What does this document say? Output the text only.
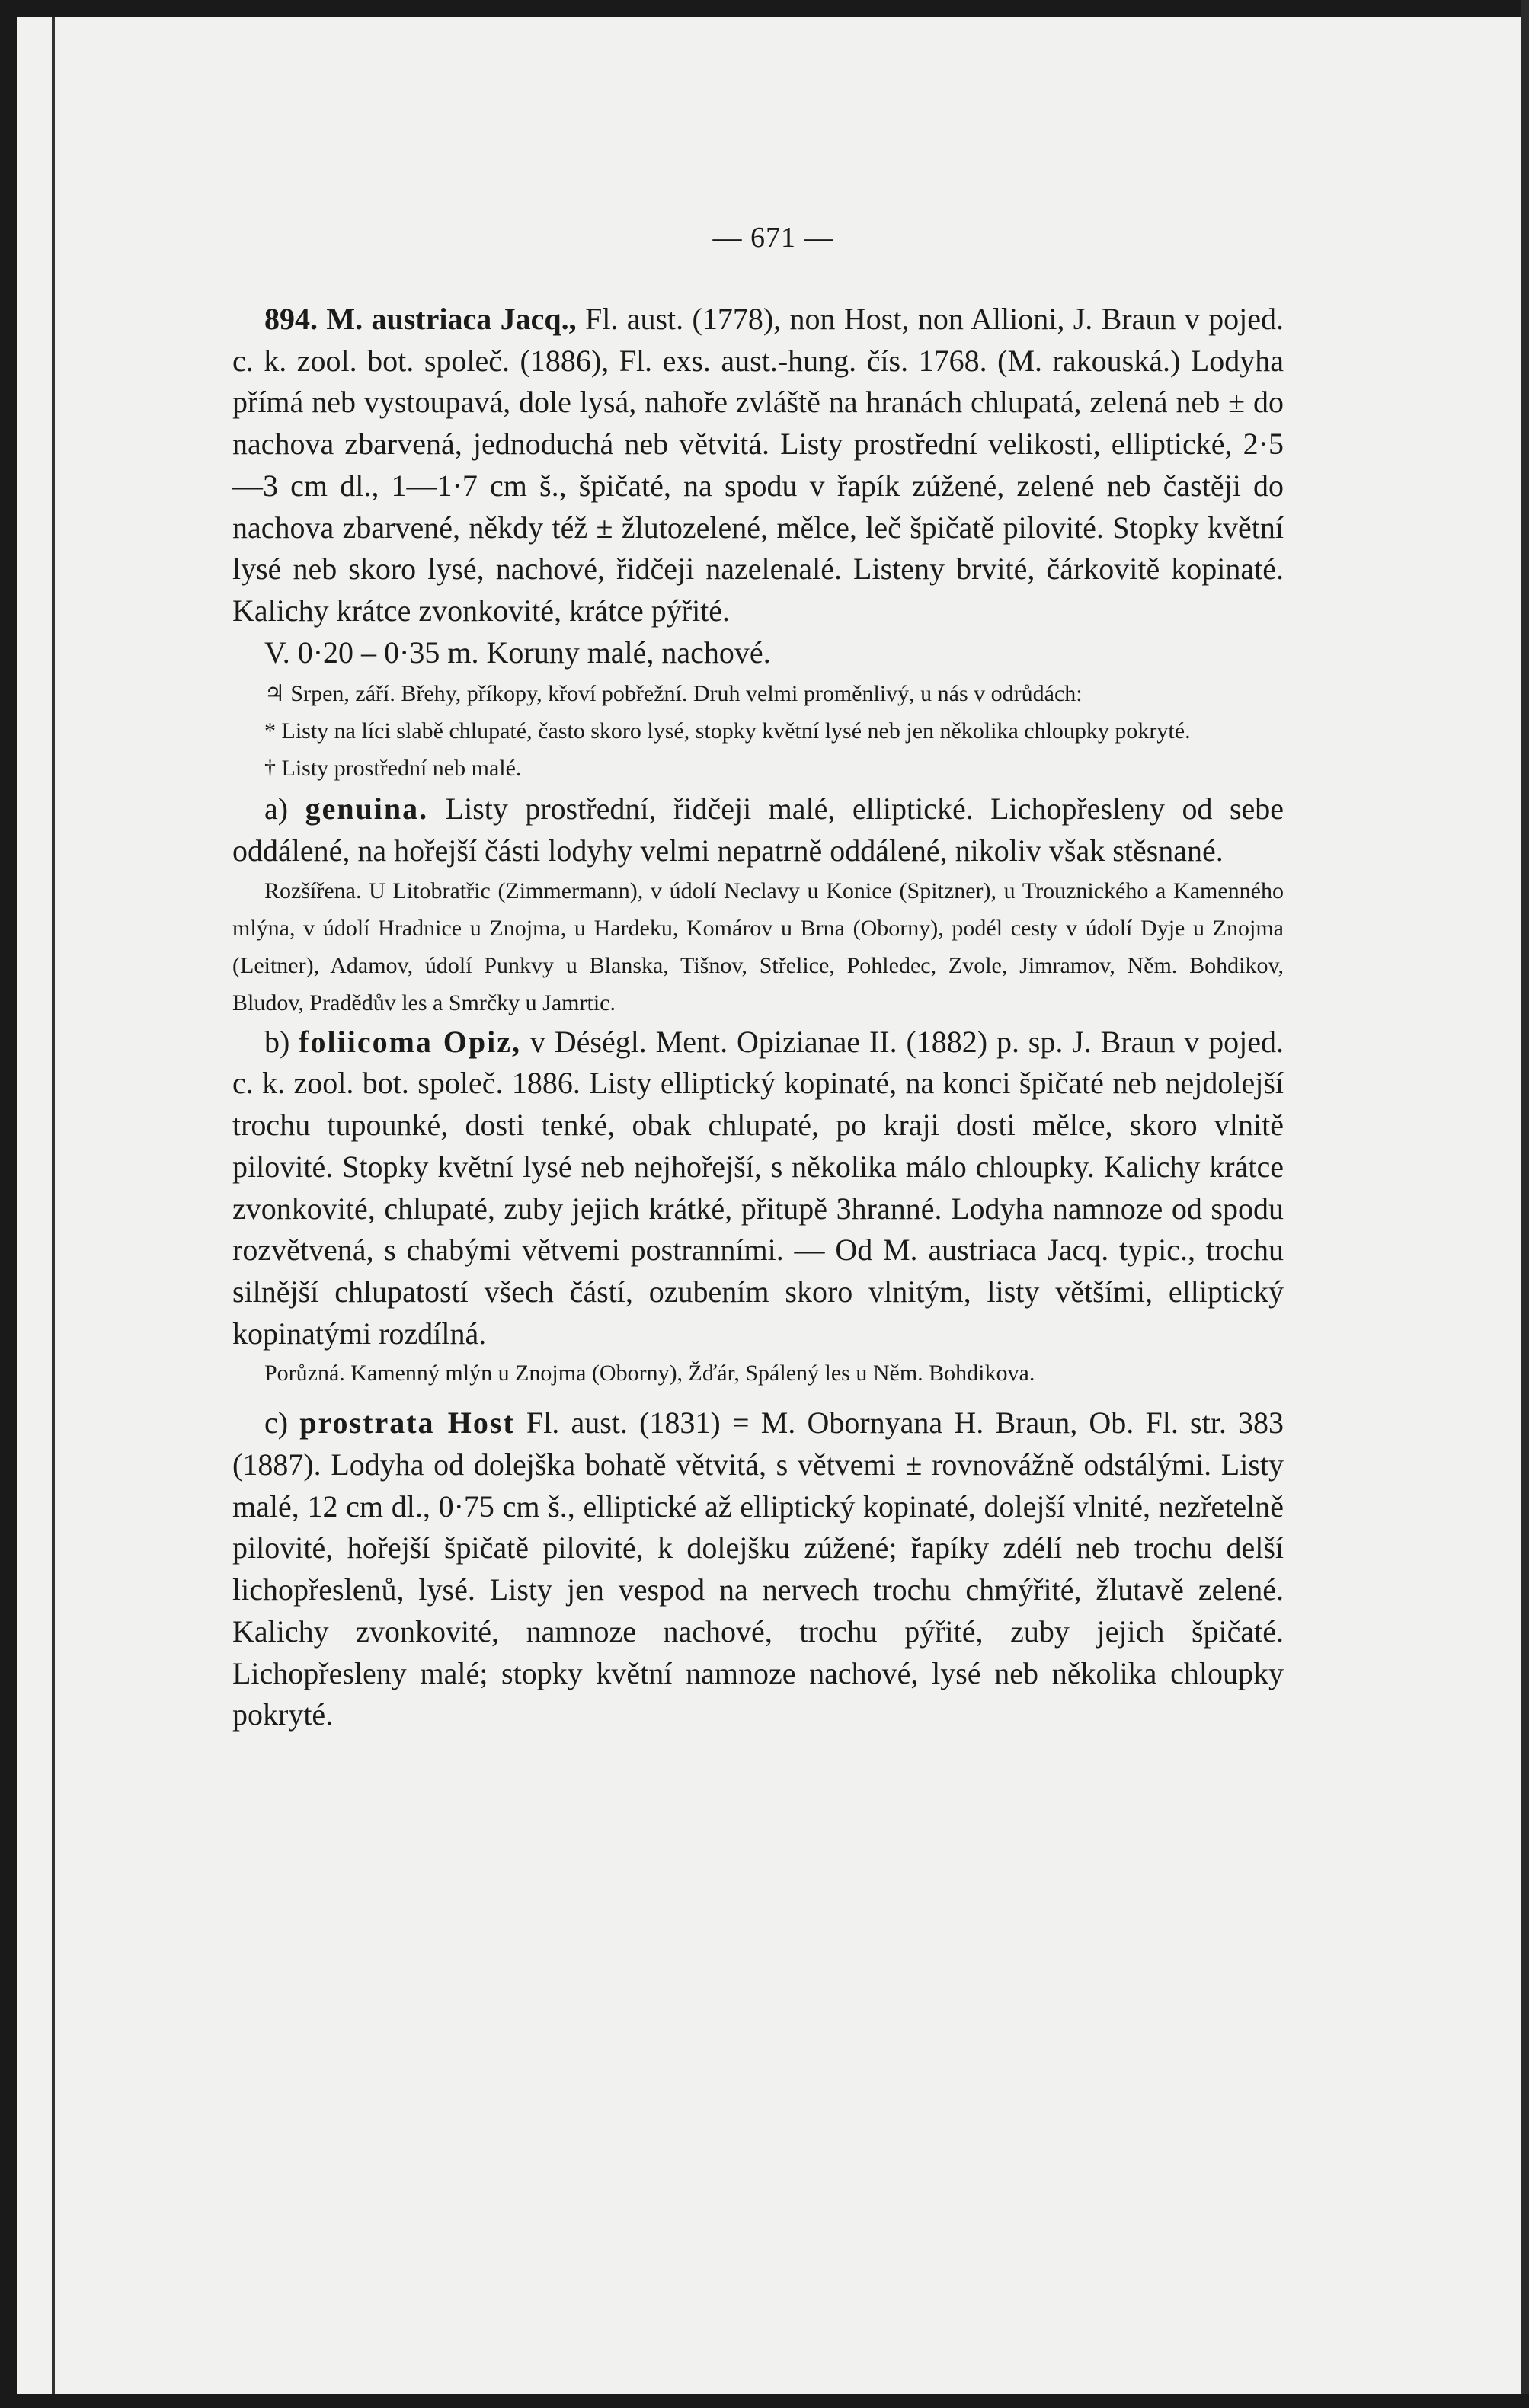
— 671 —

894. M. austriaca Jacq., Fl. aust. (1778), non Host, non Allioni, J. Braun v pojed. c. k. zool. bot. společ. (1886), Fl. exs. aust.-hung. čís. 1768. (M. rakouská.) Lodyha přímá neb vystoupavá, dole lysá, nahoře zvláště na hranách chlupatá, zelená neb ± do nachova zbarvená, jednoduchá neb větvitá. Listy prostřední velikosti, elliptické, 2·5—3 cm dl., 1—1·7 cm š., špičaté, na spodu v řapík zúžené, zelené neb častěji do nachova zbarvené, někdy též ± žlutozelené, mělce, leč špičatě pilovité. Stopky květní lysé neb skoro lysé, nachové, řidčeji nazelenalé. Listeny brvité, čárkovitě kopinaté. Kalichy krátce zvonkovité, krátce pýřité.

V. 0·20 – 0·35 m. Koruny malé, nachové.

♃ Srpen, září. Břehy, příkopy, křoví pobřežní. Druh velmi proměnlivý, u nás v odrůdách:

* Listy na líci slabě chlupaté, často skoro lysé, stopky květní lysé neb jen několika chloupky pokryté.

† Listy prostřední neb malé.

a) genuina. Listy prostřední, řidčeji malé, elliptické. Lichopřesleny od sebe oddálené, na hořejší části lodyhy velmi nepatrně oddálené, nikoliv však stěsnané.

Rozšířena. U Litobratřic (Zimmermann), v údolí Neclavy u Konice (Spitzner), u Trouznického a Kamenného mlýna, v údolí Hradnice u Znojma, u Hardeku, Komárov u Brna (Oborny), podél cesty v údolí Dyje u Znojma (Leitner), Adamov, údolí Punkvy u Blanska, Tišnov, Střelice, Pohledec, Zvole, Jimramov, Něm. Bohdikov, Bludov, Pradědův les a Smrčky u Jamrtic.

b) foliicoma Opiz, v Déségl. Ment. Opizianae II. (1882) p. sp. J. Braun v pojed. c. k. zool. bot. společ. 1886. Listy elliptický kopinaté, na konci špičaté neb nejdolejší trochu tupounké, dosti tenké, obak chlupaté, po kraji dosti mělce, skoro vlnitě pilovité. Stopky květní lysé neb nejhořejší, s několika málo chloupky. Kalichy krátce zvonkovité, chlupaté, zuby jejich krátké, přitupě 3hranné. Lodyha namnoze od spodu rozvětvená, s chabými větvemi postranními. — Od M. austriaca Jacq. typic., trochu silnější chlupatostí všech částí, ozubením skoro vlnitým, listy většími, elliptický kopinatými rozdílná.

Porůzná. Kamenný mlýn u Znojma (Oborny), Žďár, Spálený les u Něm. Bohdikova.

c) prostrata Host Fl. aust. (1831) = M. Obornyana H. Braun, Ob. Fl. str. 383 (1887). Lodyha od dolejška bohatě větvitá, s větvemi ± rovnovážně odstálými. Listy malé, 12 cm dl., 0·75 cm š., elliptické až elliptický kopinaté, dolejší vlnité, nezřetelně pilovité, hořejší špičatě pilovité, k dolejšku zúžené; řapíky zdélí neb trochu delší lichopřeslenů, lysé. Listy jen vespod na nervech trochu chmýřité, žlutavě zelené. Kalichy zvonkovité, namnoze nachové, trochu pýřité, zuby jejich špičaté. Lichopřesleny malé; stopky květní namnoze nachové, lysé neb několika chloupky pokryté.
